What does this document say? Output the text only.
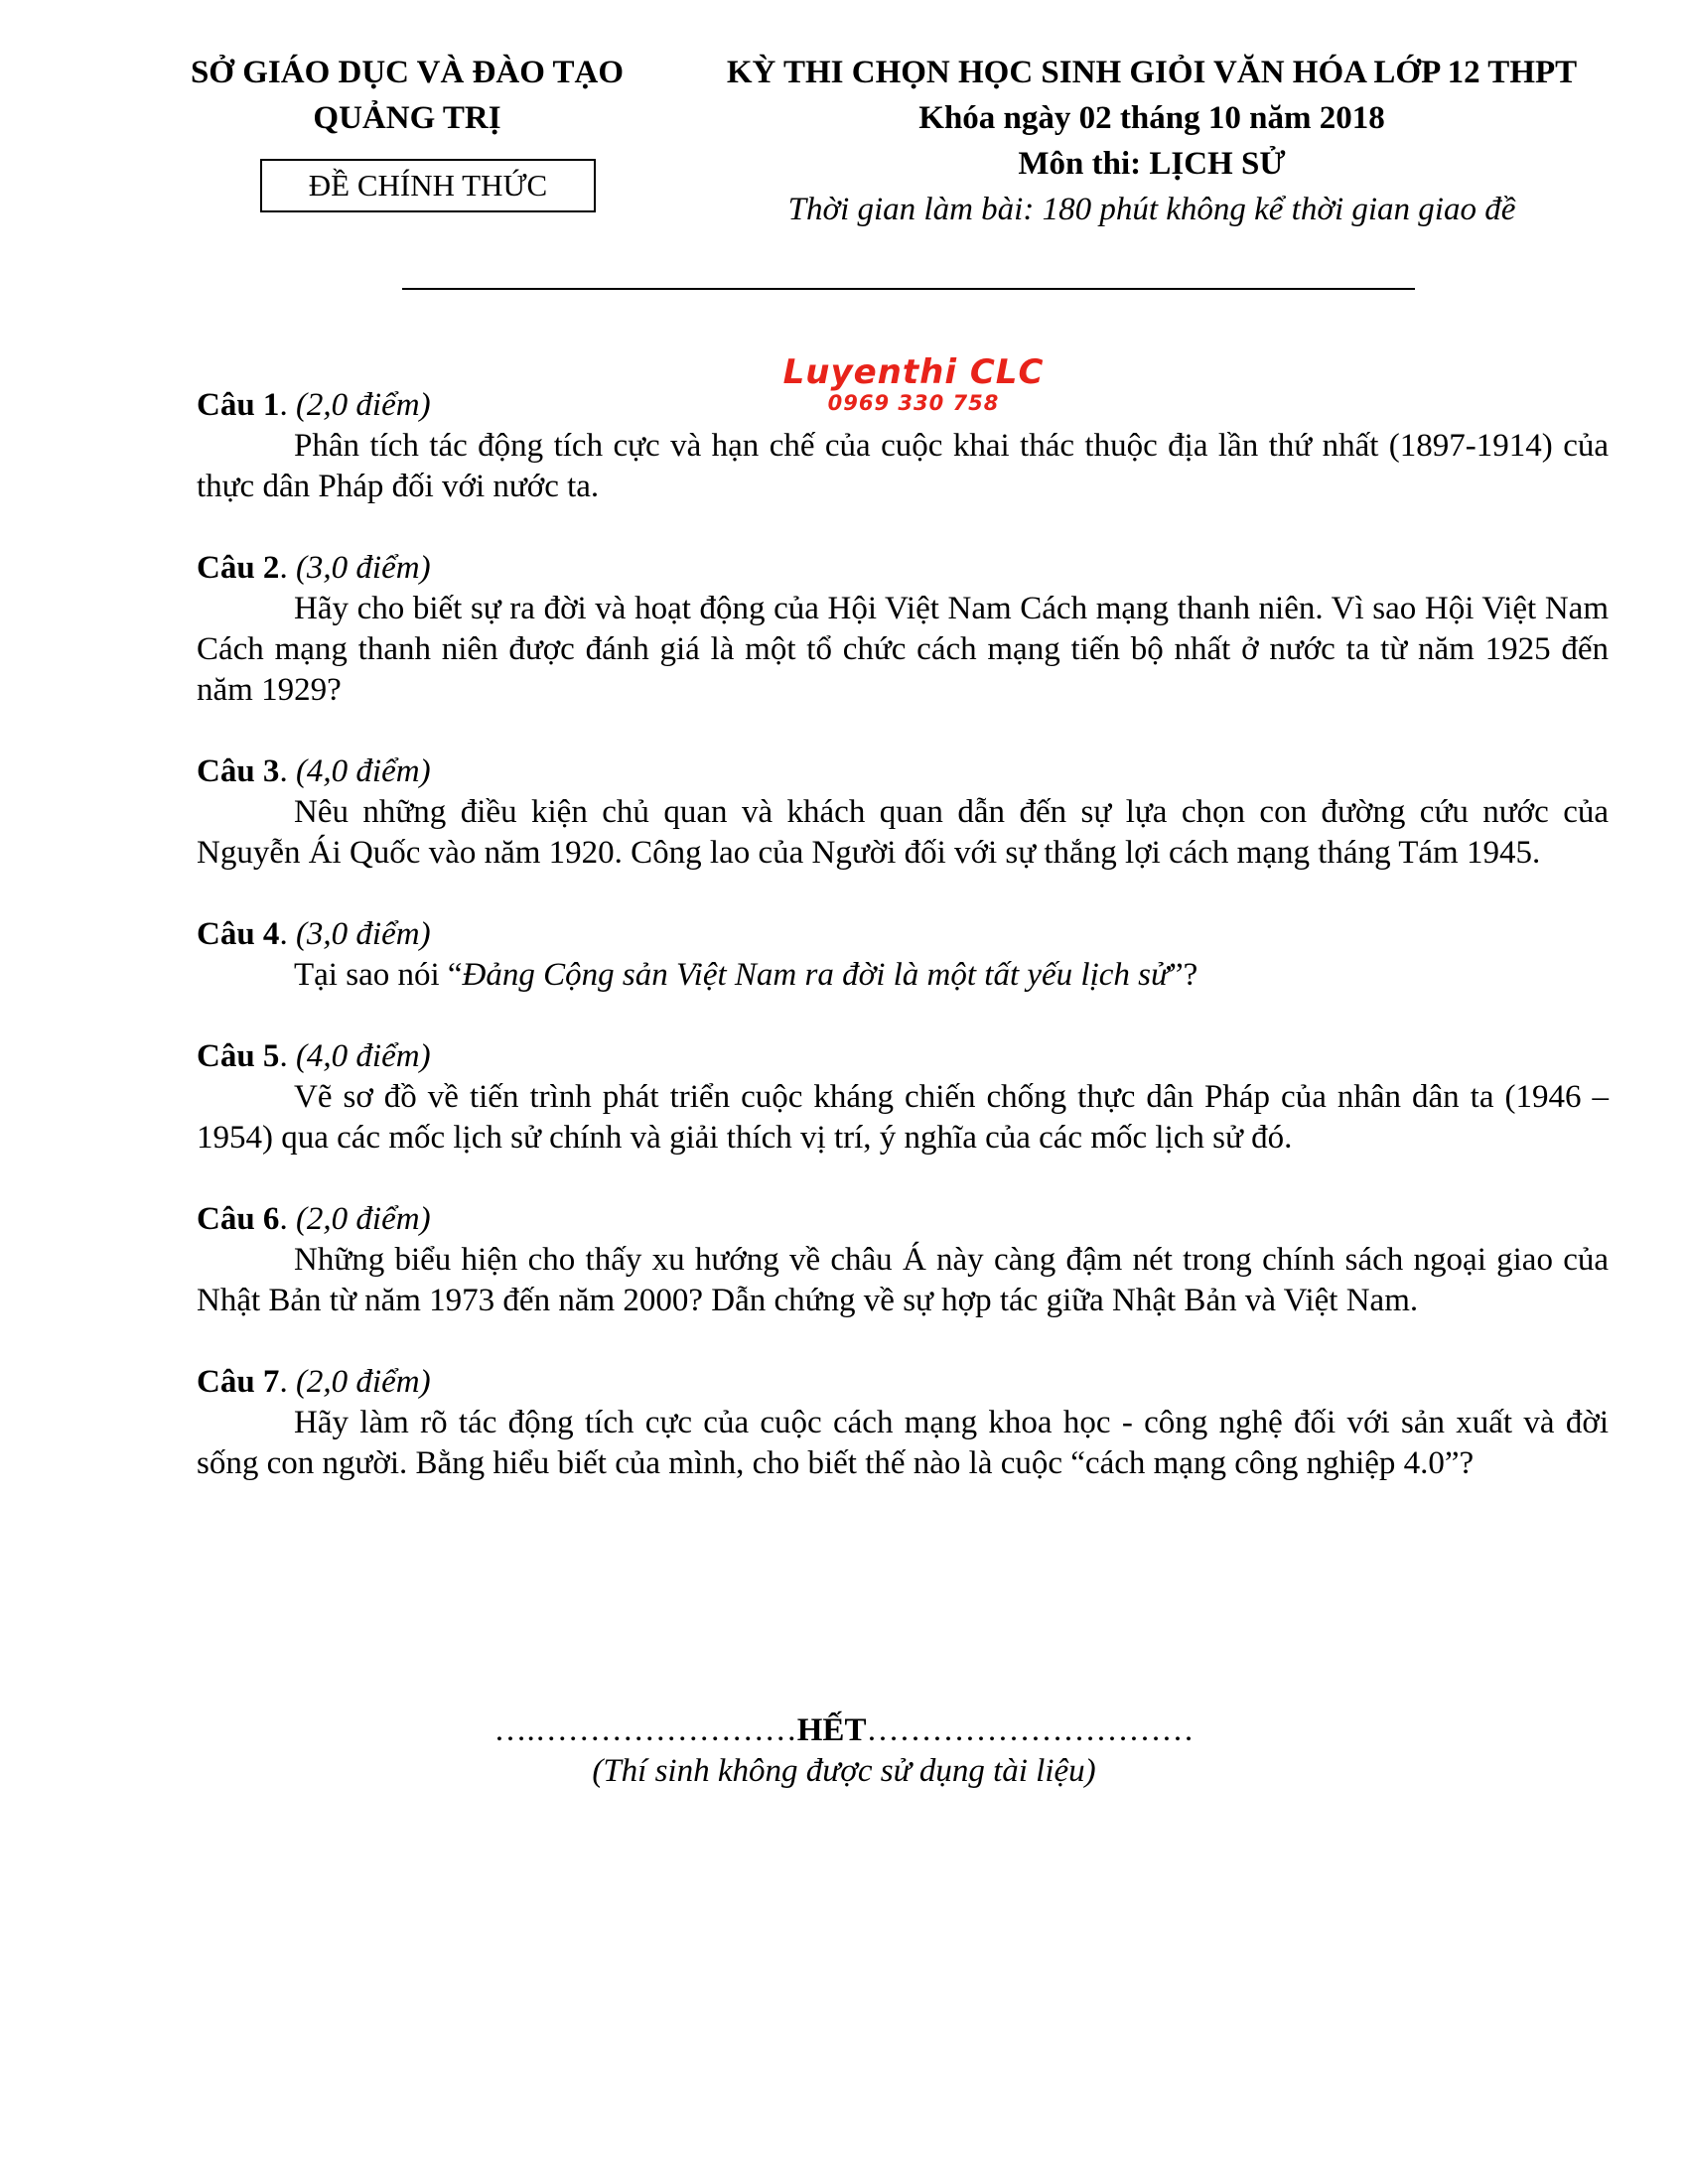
SỞ GIÁO DỤC VÀ ĐÀO TẠO
QUẢNG TRỊ
ĐỀ CHÍNH THỨC
KỲ THI CHỌN HỌC SINH GIỎI VĂN HÓA LỚP 12 THPT
Khóa ngày 02 tháng 10 năm 2018
Môn thi: LỊCH SỬ
Thời gian làm bài: 180 phút không kể thời gian giao đề
Luyenthi CLC
0969 330 758
Câu 1. (2,0 điểm)
Phân tích tác động tích cực và hạn chế của cuộc khai thác thuộc địa lần thứ nhất (1897-1914) của thực dân Pháp đối với nước ta.
Câu 2. (3,0 điểm)
Hãy cho biết sự ra đời và hoạt động của Hội Việt Nam Cách mạng thanh niên. Vì sao Hội Việt Nam Cách mạng thanh niên được đánh giá là một tổ chức cách mạng tiến bộ nhất ở nước ta từ năm 1925 đến năm 1929?
Câu 3. (4,0 điểm)
Nêu những điều kiện chủ quan và khách quan dẫn đến sự lựa chọn con đường cứu nước của Nguyễn Ái Quốc vào năm 1920. Công lao của Người đối với sự thắng lợi cách mạng tháng Tám 1945.
Câu 4. (3,0 điểm)
Tại sao nói “Đảng Cộng sản Việt Nam ra đời là một tất yếu lịch sử”?
Câu 5. (4,0 điểm)
Vẽ sơ đồ về tiến trình phát triển cuộc kháng chiến chống thực dân Pháp của nhân dân ta (1946 – 1954) qua các mốc lịch sử chính và giải thích vị trí, ý nghĩa của các mốc lịch sử đó.
Câu 6. (2,0 điểm)
Những biểu hiện cho thấy xu hướng về châu Á này càng đậm nét trong chính sách ngoại giao của Nhật Bản từ năm 1973 đến năm 2000? Dẫn chứng về sự hợp tác giữa Nhật Bản và Việt Nam.
Câu 7. (2,0 điểm)
Hãy làm rõ tác động tích cực của cuộc cách mạng khoa học - công nghệ đối với sản xuất và đời sống con người. Bằng hiểu biết của mình, cho biết thế nào là cuộc “cách mạng công nghiệp 4.0”?
….……………………HẾT…………………………
(Thí sinh không được sử dụng tài liệu)
